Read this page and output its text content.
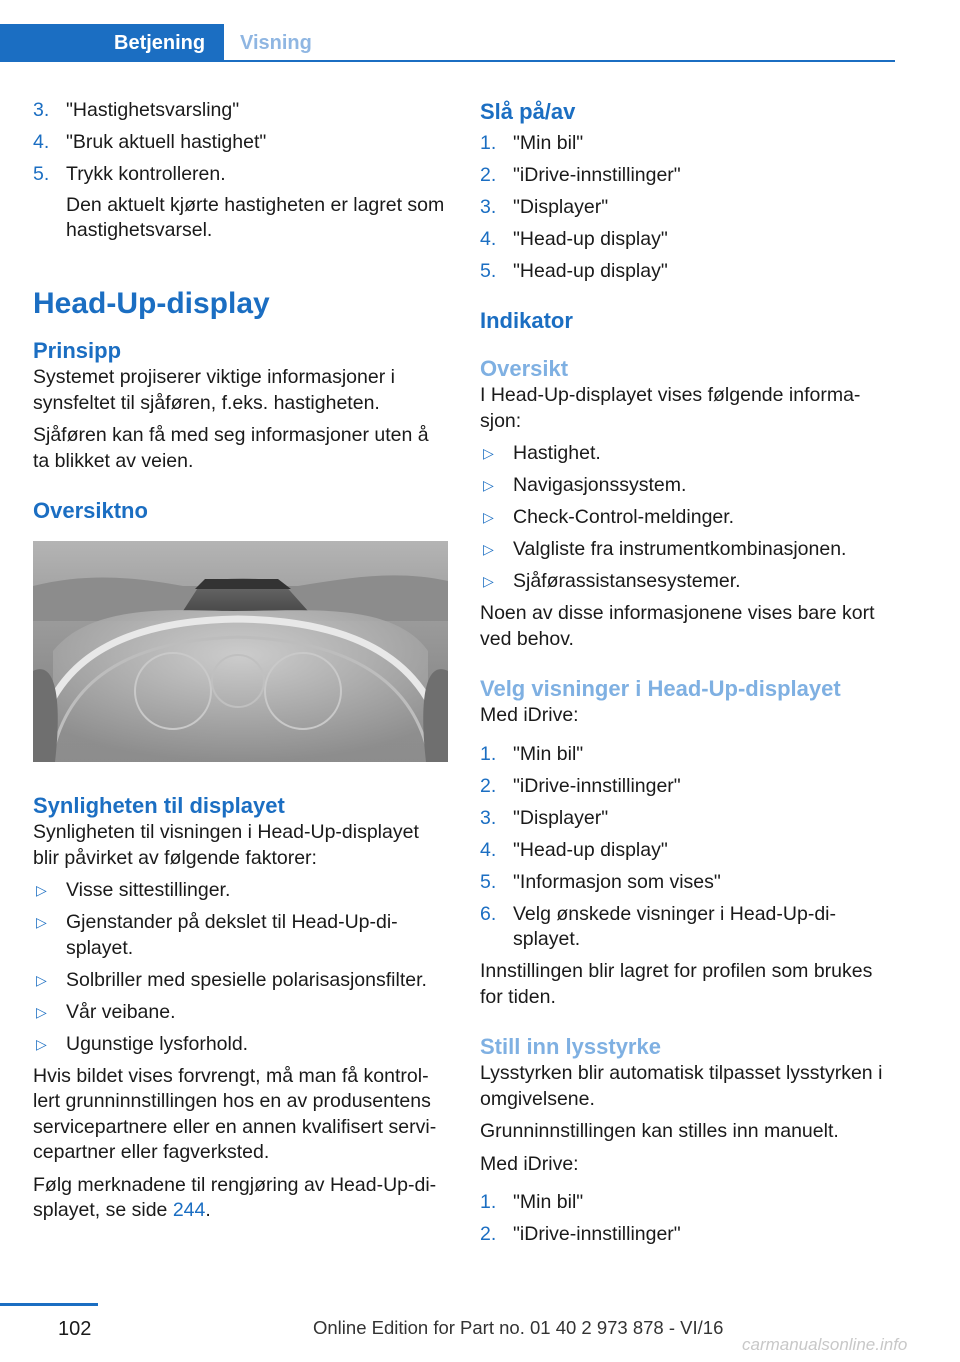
Betjening	Visning
3. "Hastighetsvarsling"
4. "Bruk aktuell hastighet"
5. Trykk kontrolleren.
Den aktuelt kjørte hastigheten er lagret som hastighetsvarsel.
Head-Up-display
Prinsipp

Systemet projiserer viktige informasjoner i synsfeltet til sjåføren, f.eks. hastigheten.

Sjåføren kan få med seg informasjoner uten å ta blikket av veien.

Oversiktno
Synligheten til displayet

Synligheten til visningen i Head-Up-displayet blir påvirket av følgende faktorer:

▷ Visse sittestillinger.
▷ Gjenstander på dekslet til Head-Up-displayet.
▷ Solbriller med spesielle polarisasjonsfilter.
▷ Vår veibane.
▷ Ugunstige lysforhold.

Hvis bildet vises forvrengt, må man få kontrollert grunninnstillingen hos en av produsentens servicepartnere eller en annen kvalifisert servicepartner eller fagverksted.

Følg merknadene til rengjøring av Head-Up-displayet, se side 244.

Slå på/av
1. "Min bil"
2. "iDrive-innstillinger"
3. "Displayer"
4. "Head-up display"
5. "Head-up display"
Indikator
Oversikt

I Head-Up-displayet vises følgende informasjon:

▷ Hastighet.
▷ Navigasjonssystem.
▷ Check-Control-meldinger.
▷ Valgliste fra instrumentkombinasjonen.
▷ Sjåførassistansesystemer.

Noen av disse informasjonene vises bare kort ved behov.

Velg visninger i Head-Up-displayet

Med iDrive:

1. "Min bil"
2. "iDrive-innstillinger"
3. "Displayer"
4. "Head-up display"
5. "Informasjon som vises"
6. Velg ønskede visninger i Head-Up-displayet.

Innstillingen blir lagret for profilen som brukes for tiden.

Still inn lysstyrke

Lysstyrken blir automatisk tilpasset lysstyrken i omgivelsene.

Grunninnstillingen kan stilles inn manuelt.

Med iDrive:

1. "Min bil"
2. "iDrive-innstillinger"
102	Online Edition for Part no. 01 40 2 973 878 - VI/16
carmanualsonline.info
